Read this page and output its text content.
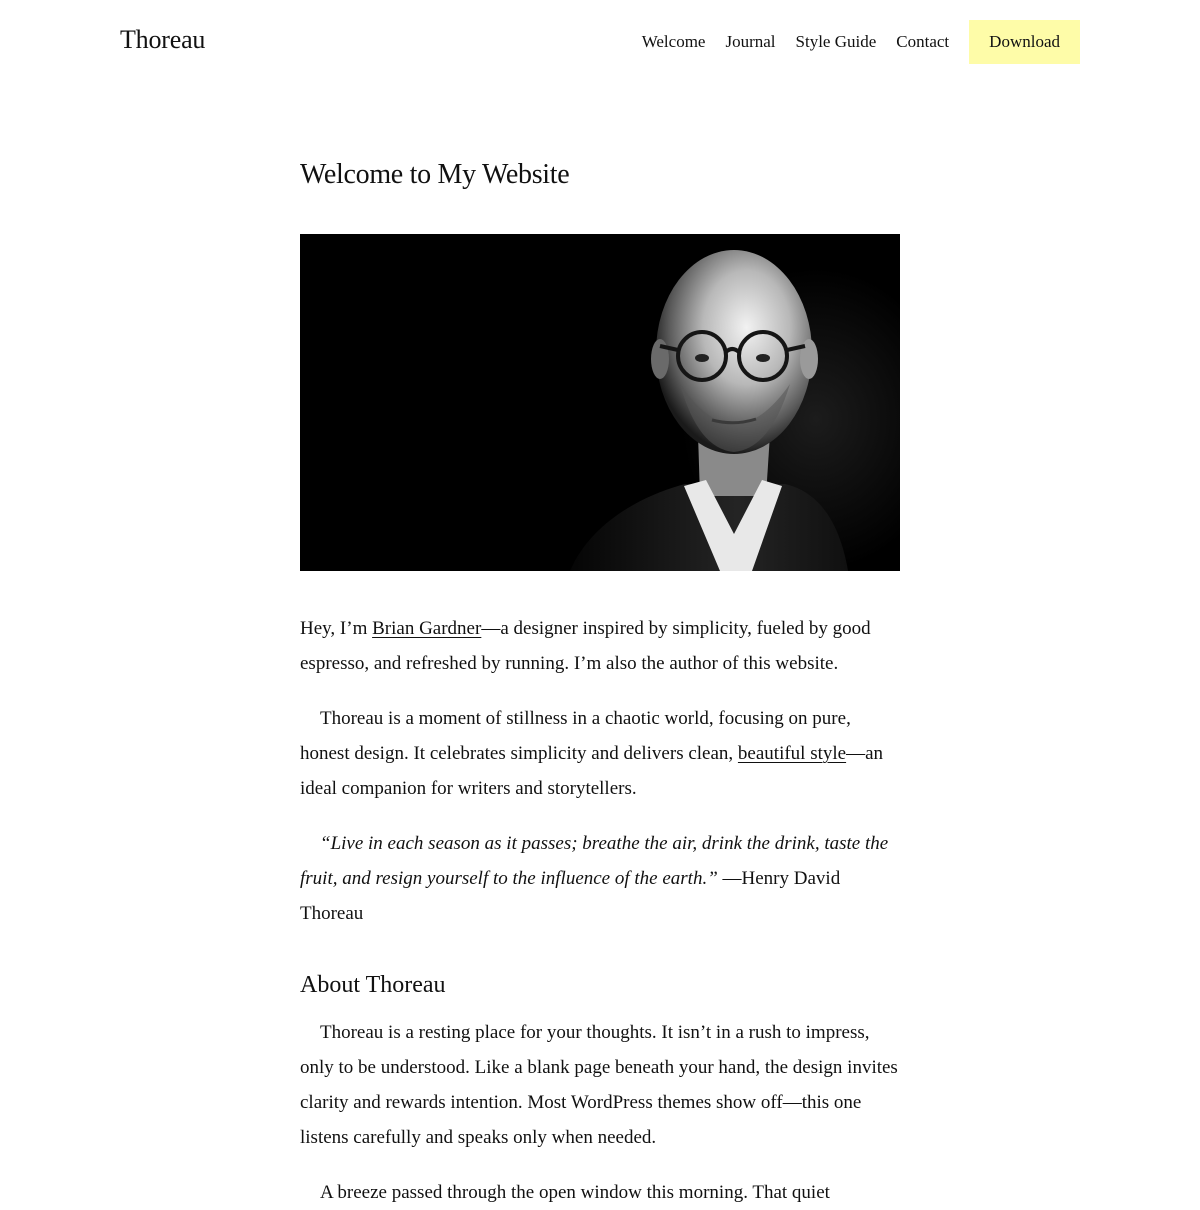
Thoreau	Welcome Journal Style Guide Contact	Download
Welcome to My Website

Hey, I’m Brian Gardner—a designer inspired by simplicity, fueled by good espresso, and refreshed by running. I’m also the author of this website.

Thoreau is a moment of stillness in a chaotic world, focusing on pure, honest design. It celebrates simplicity and delivers clean, beautiful style—an ideal companion for writers and storytellers.

“Live in each season as it passes; breathe the air, drink the drink, taste the fruit, and resign yourself to the influence of the earth.” —Henry David Thoreau

About Thoreau

Thoreau is a resting place for your thoughts. It isn’t in a rush to impress, only to be understood. Like a blank page beneath your hand, the design invites clarity and rewards intention. Most WordPress themes show off—this one listens carefully and speaks only when needed.

A breeze passed through the open window this morning. That quiet
